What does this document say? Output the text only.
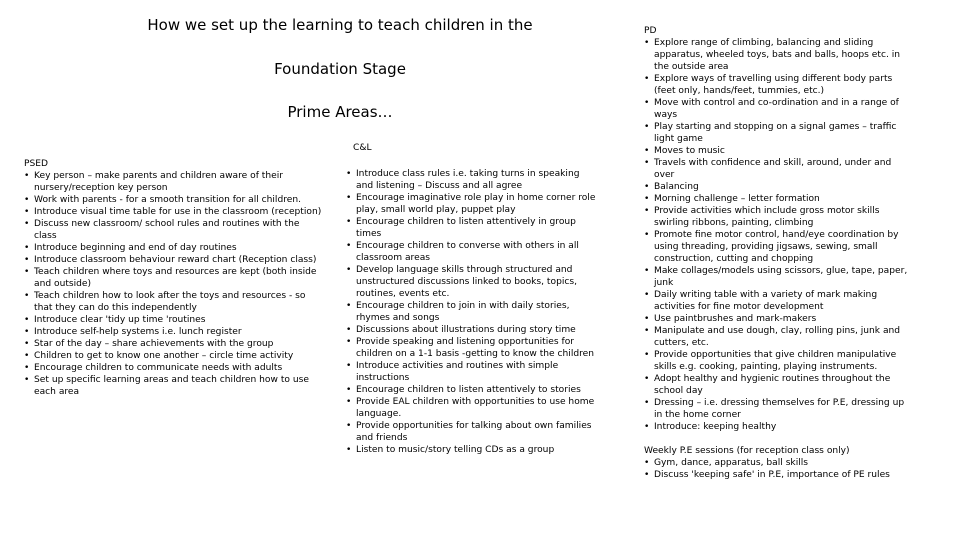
How we set up the learning to teach children in the
Foundation Stage
Prime Areas…
PSED
• Key person – make parents and children aware of their nursery/reception key person
• Work with parents - for a smooth transition for all children.
• Introduce visual time table for use in the classroom (reception)
• Discuss new classroom/ school rules and routines with the class
• Introduce beginning and end of day routines
• Introduce classroom behaviour reward chart (Reception class)
• Teach children where toys and resources are kept (both inside and outside)
• Teach children how to look after the toys and resources - so that they can do this independently
• Introduce clear 'tidy up time 'routines
• Introduce self-help systems i.e. lunch register
• Star of the day – share achievements with the group
• Children to get to know one another – circle time activity
• Encourage children to communicate needs with adults
• Set up specific learning areas and teach children how to use each area
C&L
• Introduce class rules i.e. taking turns in speaking and listening – Discuss and all agree
• Encourage imaginative role play in home corner role play, small world play, puppet play
• Encourage children to listen attentively in group times
• Encourage children to converse with others in all classroom areas
• Develop language skills through structured and unstructured discussions linked to books, topics, routines, events etc.
• Encourage children to join in with daily stories, rhymes and songs
• Discussions about illustrations during story time
• Provide speaking and listening opportunities for children on a 1-1 basis -getting to know the children
• Introduce activities and routines with simple instructions
• Encourage children to listen attentively to stories
• Provide EAL children with opportunities to use home language.
• Provide opportunities for talking about own families and friends
• Listen to music/story telling CDs as a group
PD
• Explore range of climbing, balancing and sliding apparatus, wheeled toys, bats and balls, hoops etc. in the outside area
• Explore ways of travelling using different body parts (feet only, hands/feet, tummies, etc.)
• Move with control and co-ordination and in a range of ways
• Play starting and stopping on a signal games – traffic light game
• Moves to music
• Travels with confidence and skill, around, under and over
• Balancing
• Morning challenge – letter formation
• Provide activities which include gross motor skills swirling ribbons, painting, climbing
• Promote fine motor control, hand/eye coordination by using threading, providing jigsaws, sewing, small construction, cutting and chopping
• Make collages/models using scissors, glue, tape, paper, junk
• Daily writing table with a variety of mark making activities for fine motor development
• Use paintbrushes and mark-makers
• Manipulate and use dough, clay, rolling pins, junk and cutters, etc.
• Provide opportunities that give children manipulative skills e.g. cooking, painting, playing instruments.
• Adopt healthy and hygienic routines throughout the school day
• Dressing – i.e. dressing themselves for P.E, dressing up in the home corner
• Introduce: keeping healthy
Weekly P.E sessions (for reception class only)
• Gym, dance, apparatus, ball skills
• Discuss 'keeping safe' in P.E, importance of PE rules
